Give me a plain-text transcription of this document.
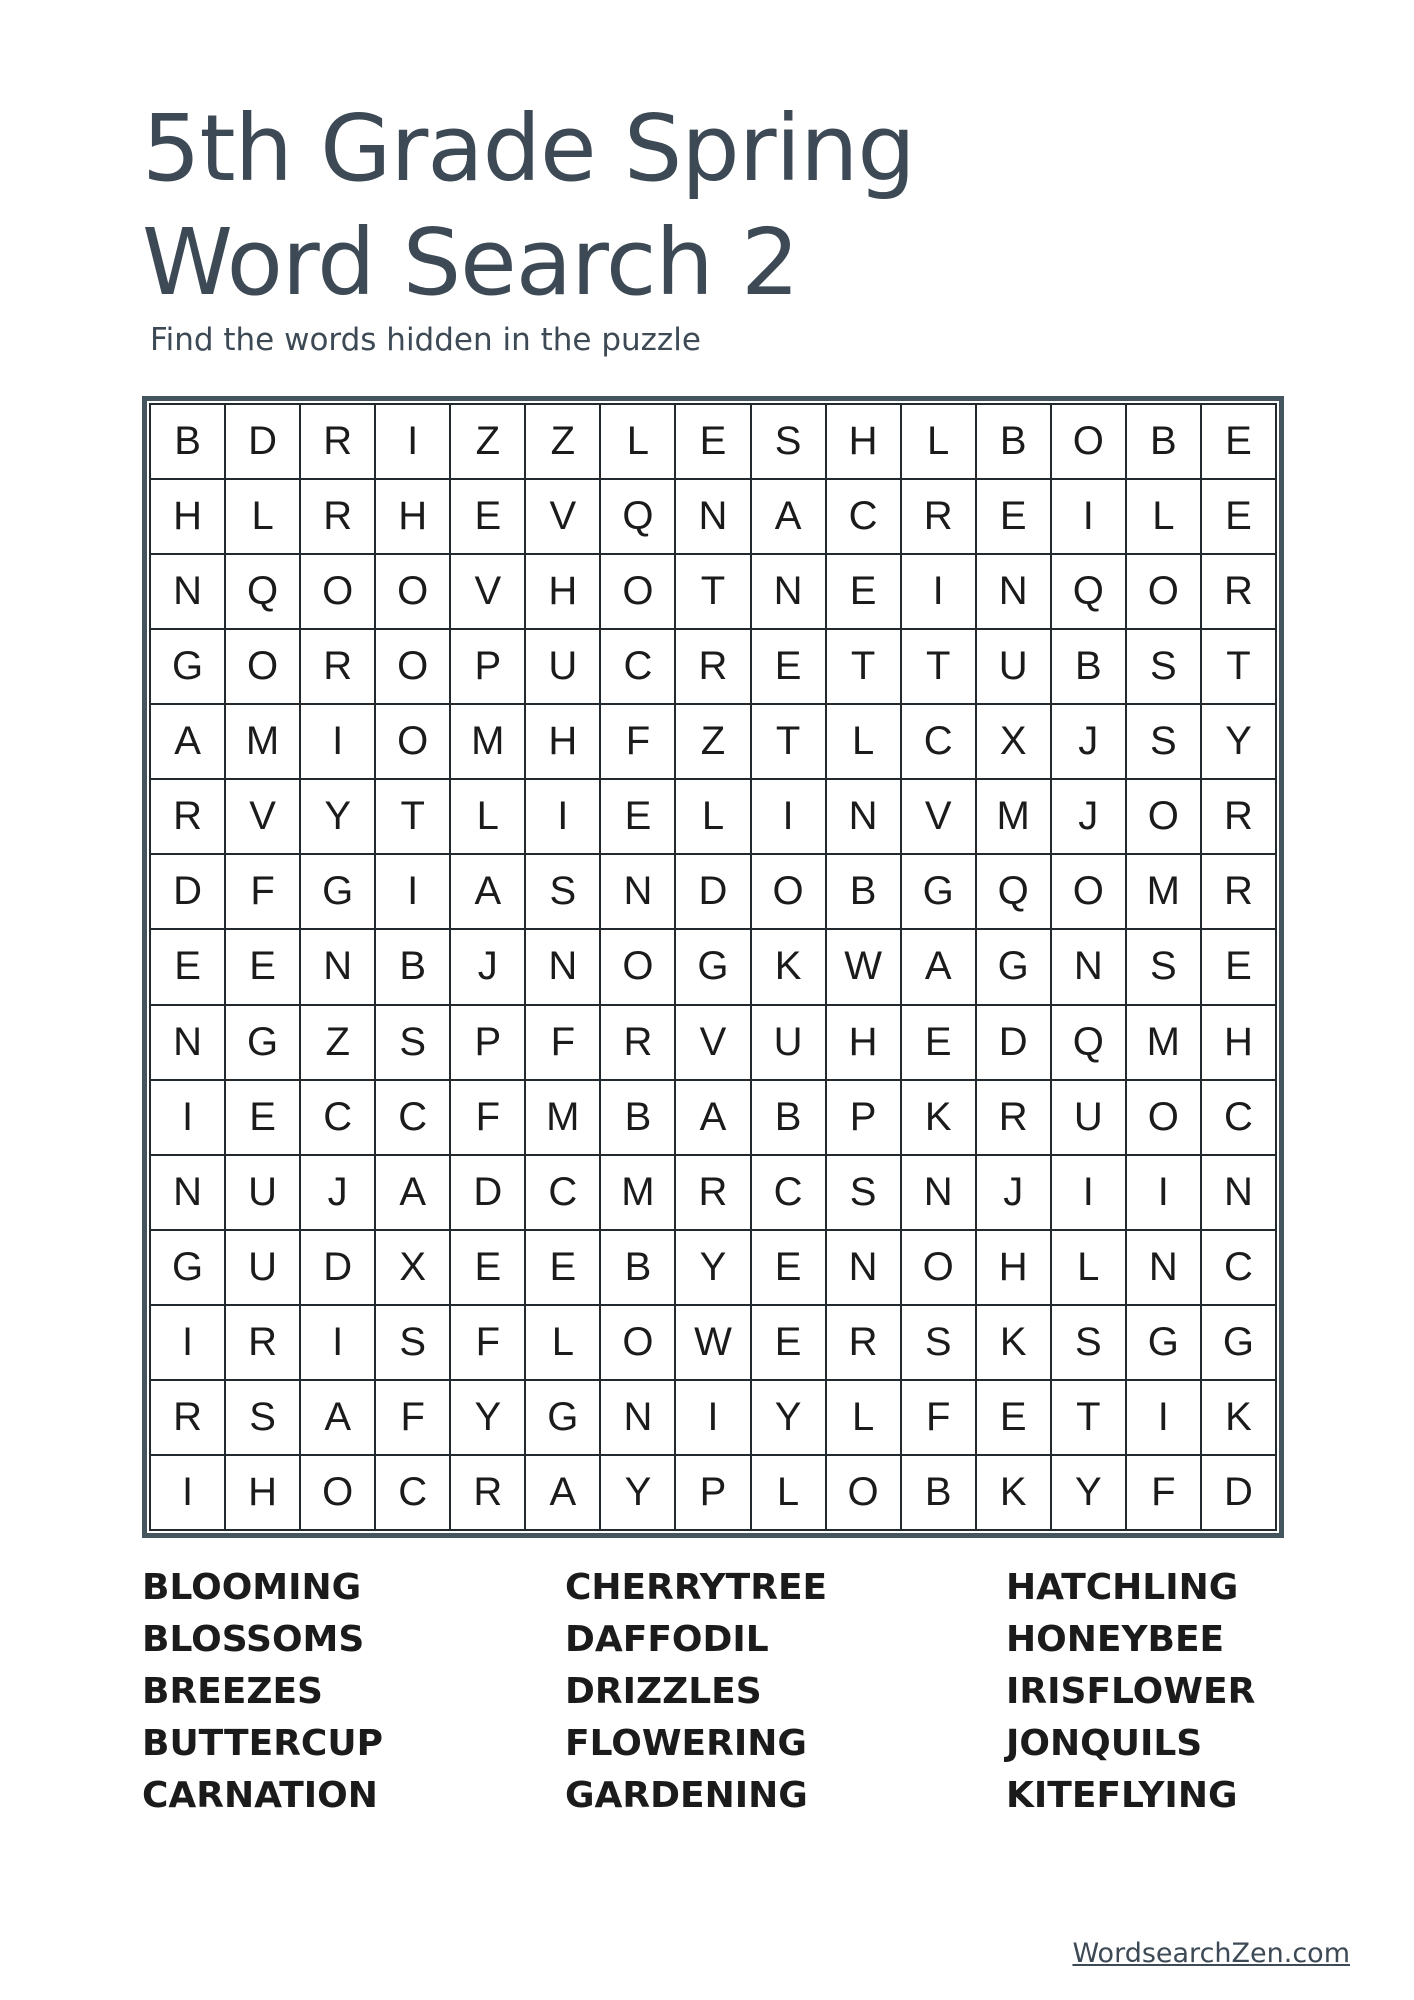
5th Grade Spring
Word Search 2
Find the words hidden in the puzzle
B	D	R	I	Z	Z	L	E	S	H	L	B	O	B	E
H	L	R	H	E	V	Q	N	A	C	R	E	I	L	E
N	Q	O	O	V	H	O	T	N	E	I	N	Q	O	R
G	O	R	O	P	U	C	R	E	T	T	U	B	S	T
A	M	I	O	M	H	F	Z	T	L	C	X	J	S	Y
R	V	Y	T	L	I	E	L	I	N	V	M	J	O	R
D	F	G	I	A	S	N	D	O	B	G	Q	O	M	R
E	E	N	B	J	N	O	G	K	W	A	G	N	S	E
N	G	Z	S	P	F	R	V	U	H	E	D	Q	M	H
I	E	C	C	F	M	B	A	B	P	K	R	U	O	C
N	U	J	A	D	C	M	R	C	S	N	J	I	I	N
G	U	D	X	E	E	B	Y	E	N	O	H	L	N	C
I	R	I	S	F	L	O	W	E	R	S	K	S	G	G
R	S	A	F	Y	G	N	I	Y	L	F	E	T	I	K
I	H	O	C	R	A	Y	P	L	O	B	K	Y	F	D
BLOOMING
BLOSSOMS
BREEZES
BUTTERCUP
CARNATION
CHERRYTREE
DAFFODIL
DRIZZLES
FLOWERING
GARDENING
HATCHLING
HONEYBEE
IRISFLOWER
JONQUILS
KITEFLYING
WordsearchZen.com
